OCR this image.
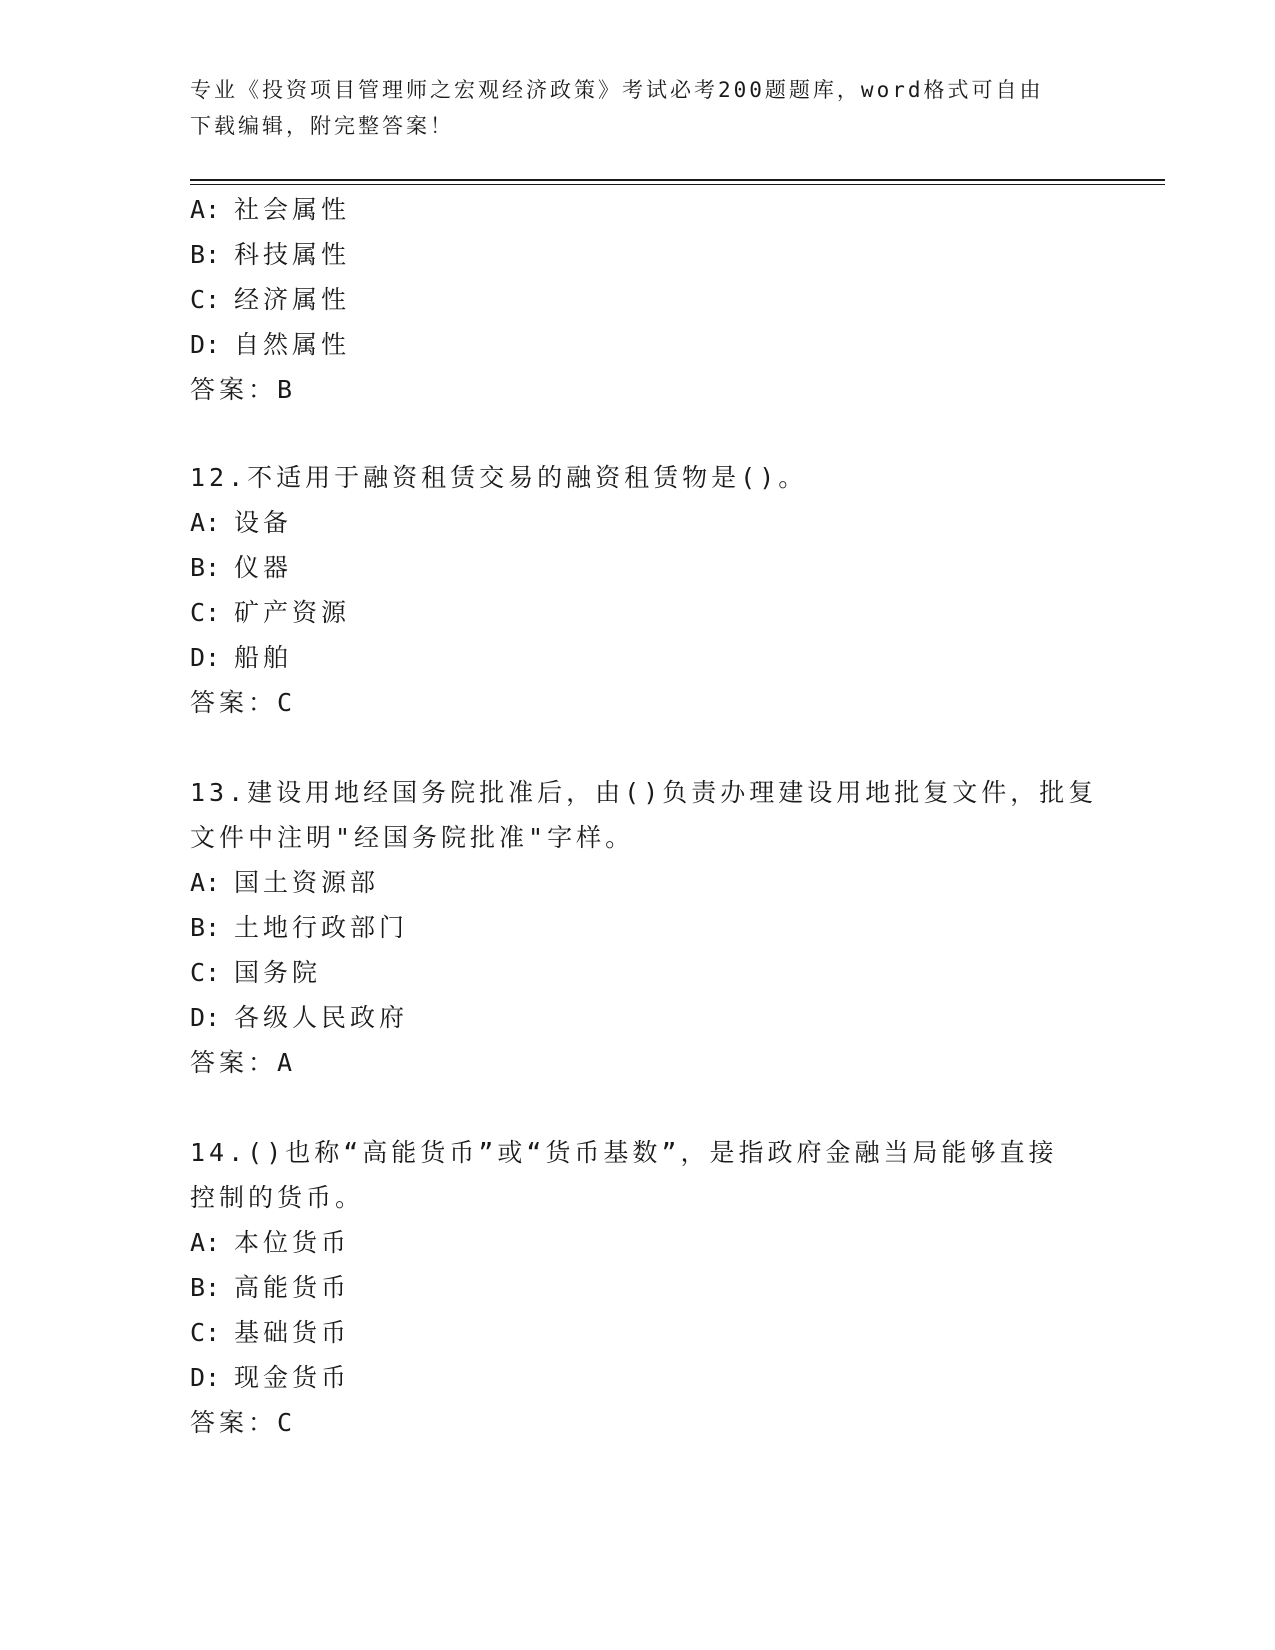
专业《投资项目管理师之宏观经济政策》考试必考200题题库，word格式可自由
下载编辑，附完整答案！
A: 社会属性
B: 科技属性
C: 经济属性
D: 自然属性
答案：B
12.不适用于融资租赁交易的融资租赁物是()。
A: 设备
B: 仪器
C: 矿产资源
D: 船舶
答案：C
13.建设用地经国务院批准后，由()负责办理建设用地批复文件，批复
文件中注明"经国务院批准"字样。
A: 国土资源部
B: 土地行政部门
C: 国务院
D: 各级人民政府
答案：A
14.()也称“高能货币”或“货币基数”，是指政府金融当局能够直接
控制的货币。
A: 本位货币
B: 高能货币
C: 基础货币
D: 现金货币
答案：C
